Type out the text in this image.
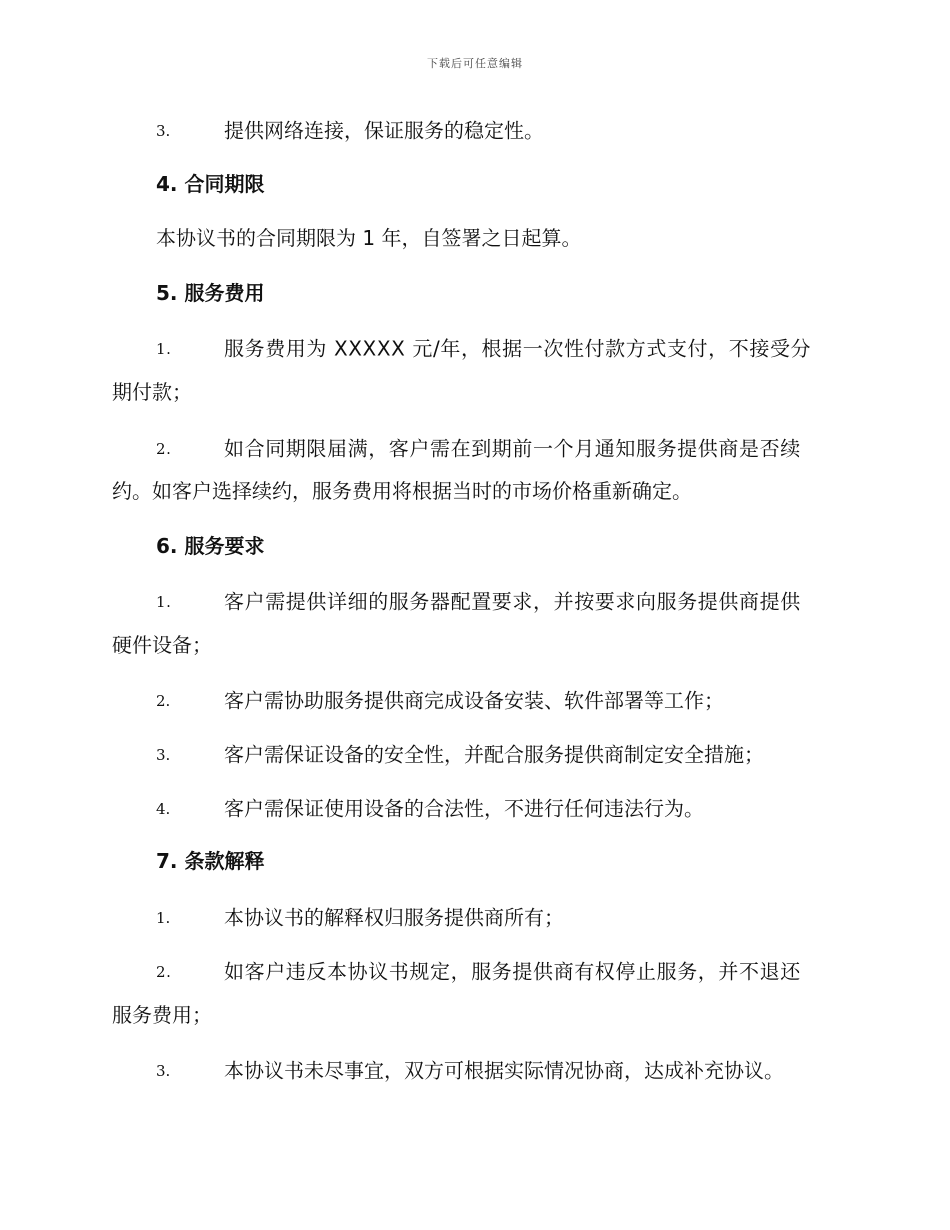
下载后可任意编辑
3.	提供网络连接，保证服务的稳定性。
4. 合同期限
本协议书的合同期限为 1 年，自签署之日起算。
5. 服务费用
1.	服务费用为 XXXXX 元/年，根据一次性付款方式支付，不接受分
期付款；
2.	如合同期限届满，客户需在到期前一个月通知服务提供商是否续
约。如客户选择续约，服务费用将根据当时的市场价格重新确定。
6. 服务要求
1.	客户需提供详细的服务器配置要求，并按要求向服务提供商提供
硬件设备；
2.	客户需协助服务提供商完成设备安装、软件部署等工作；
3.	客户需保证设备的安全性，并配合服务提供商制定安全措施；
4.	客户需保证使用设备的合法性，不进行任何违法行为。
7. 条款解释
1.	本协议书的解释权归服务提供商所有；
2.	如客户违反本协议书规定，服务提供商有权停止服务，并不退还
服务费用；
3.	本协议书未尽事宜，双方可根据实际情况协商，达成补充协议。
